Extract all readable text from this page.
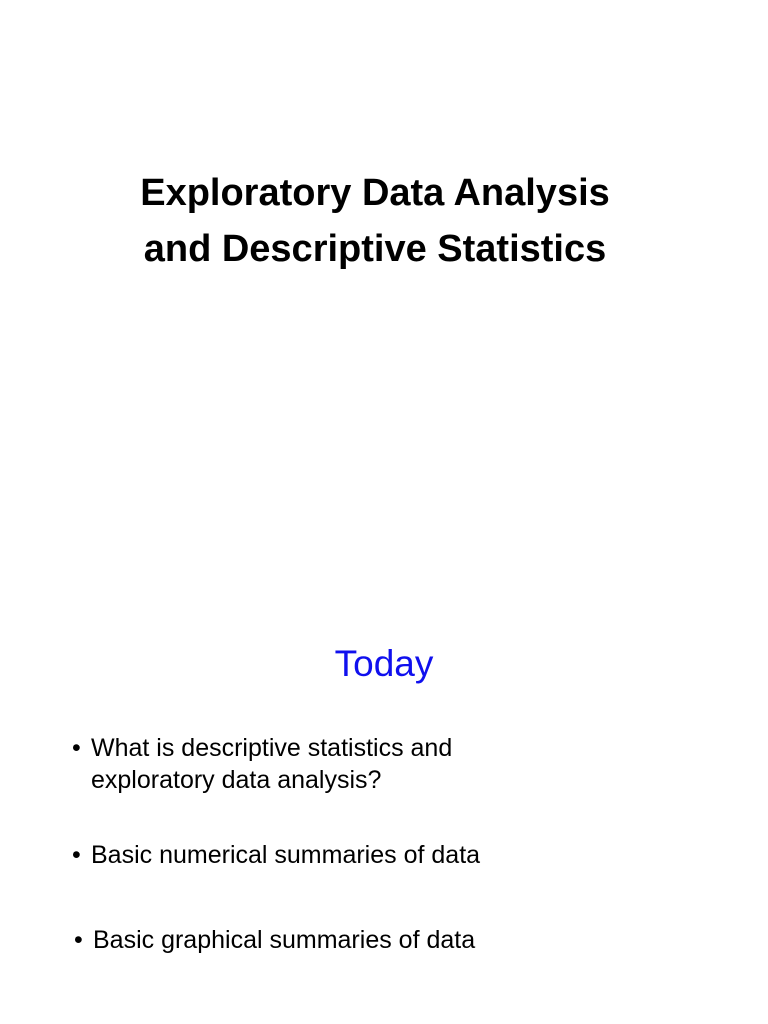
Exploratory Data Analysis
and Descriptive Statistics
Today
• What is descriptive statistics and
exploratory data analysis?
• Basic numerical summaries of data
• Basic graphical summaries of data
